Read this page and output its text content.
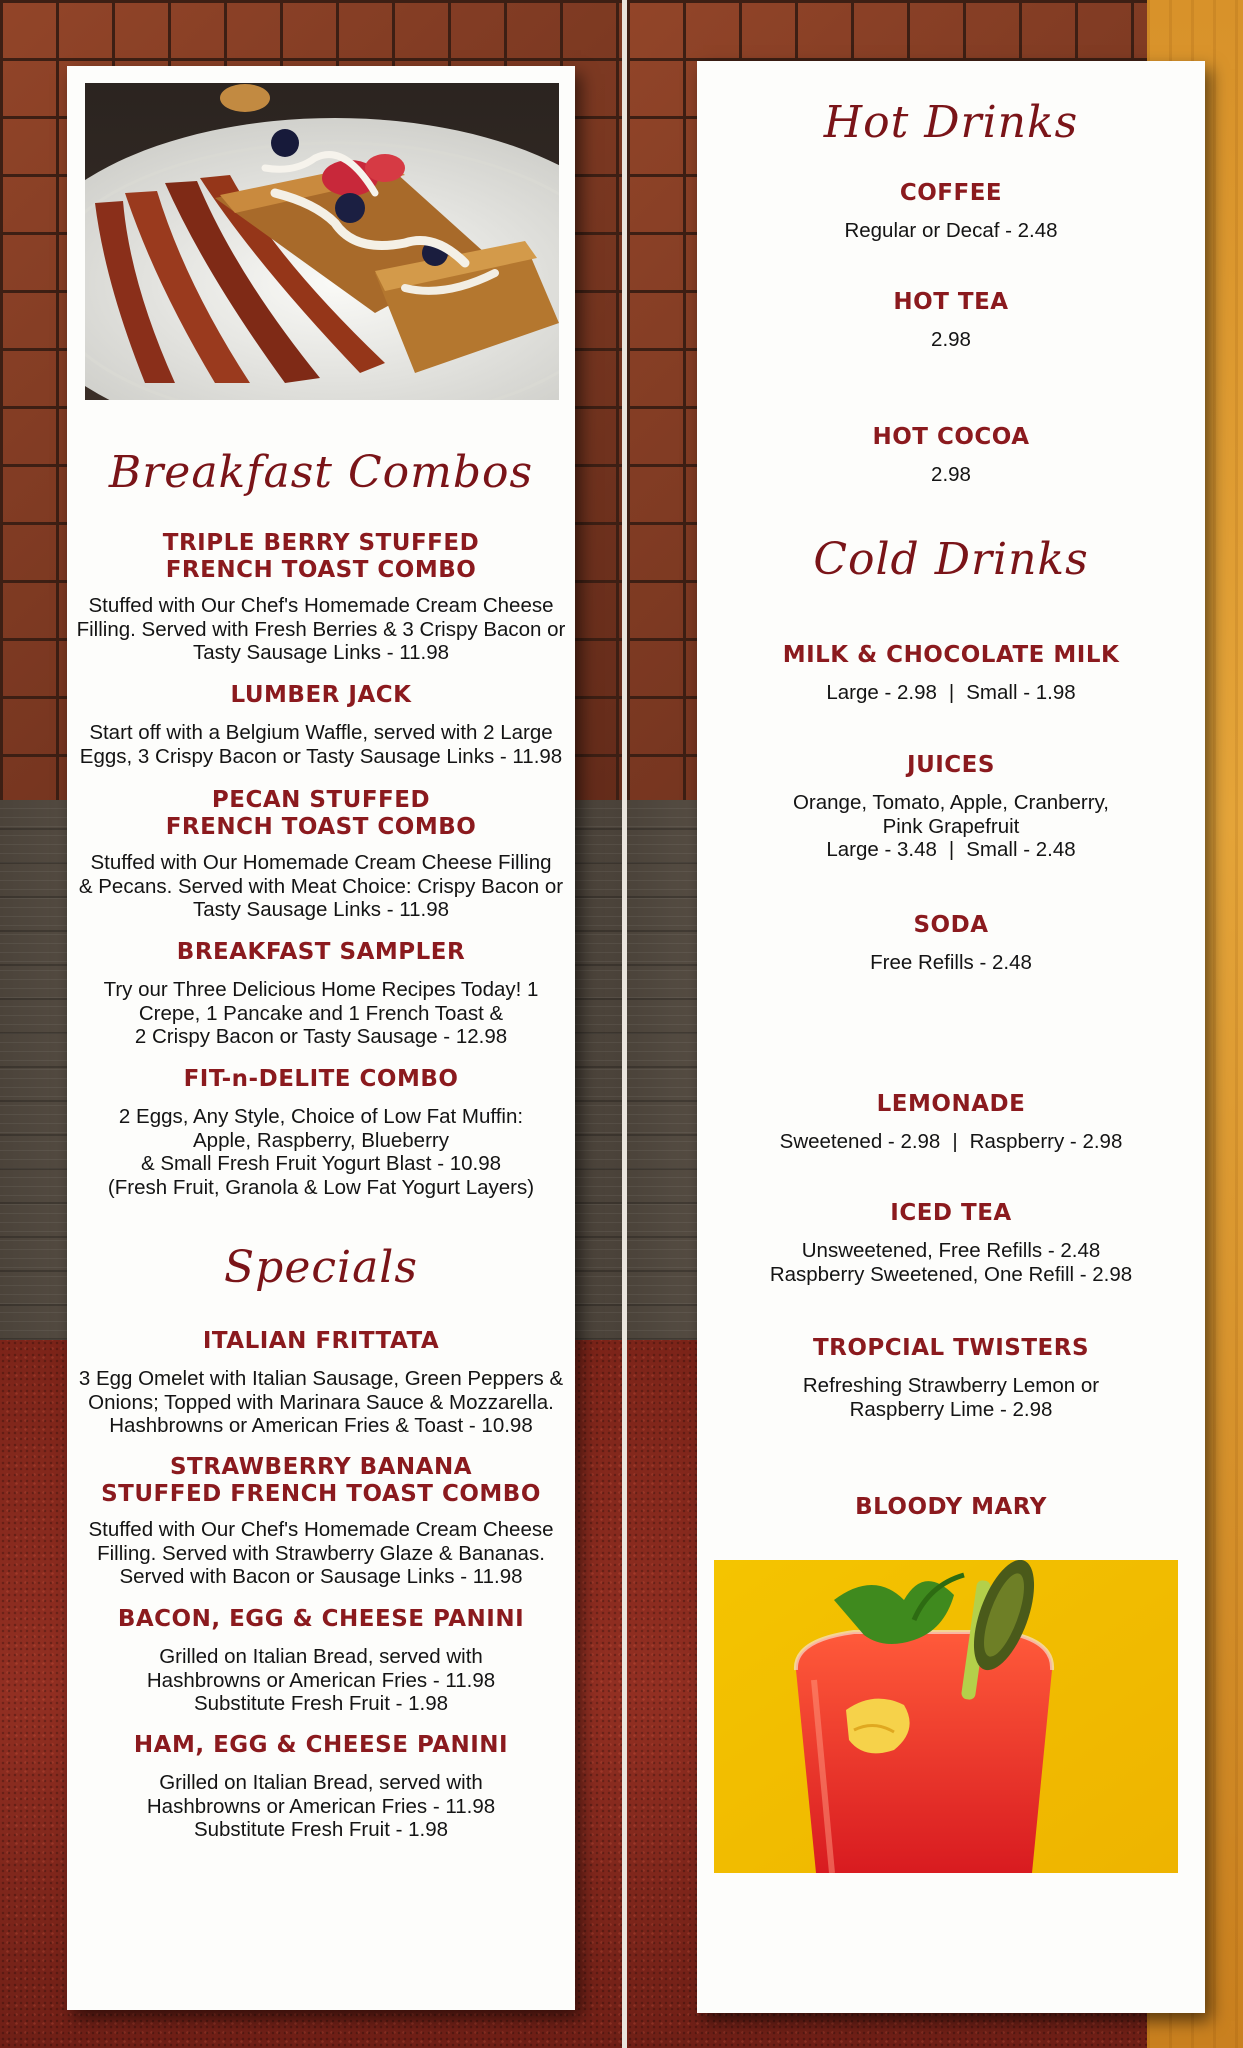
Breakfast Combos
TRIPLE BERRY STUFFED
FRENCH TOAST COMBO
Stuffed with Our Chef's Homemade Cream Cheese
Filling. Served with Fresh Berries & 3 Crispy Bacon or
Tasty Sausage Links - 11.98
LUMBER JACK
Start off with a Belgium Waffle, served with 2 Large
Eggs, 3 Crispy Bacon or Tasty Sausage Links - 11.98
PECAN STUFFED
FRENCH TOAST COMBO
Stuffed with Our Homemade Cream Cheese Filling
& Pecans. Served with Meat Choice: Crispy Bacon or
Tasty Sausage Links - 11.98
BREAKFAST SAMPLER
Try our Three Delicious Home Recipes Today! 1
Crepe, 1 Pancake and 1 French Toast &
2 Crispy Bacon or Tasty Sausage - 12.98
FIT-n-DELITE COMBO
2 Eggs, Any Style, Choice of Low Fat Muffin:
Apple, Raspberry, Blueberry
& Small Fresh Fruit Yogurt Blast - 10.98
(Fresh Fruit, Granola & Low Fat Yogurt Layers)
Specials
ITALIAN FRITTATA
3 Egg Omelet with Italian Sausage, Green Peppers &
Onions; Topped with Marinara Sauce & Mozzarella.
Hashbrowns or American Fries & Toast - 10.98
STRAWBERRY BANANA
STUFFED FRENCH TOAST COMBO
Stuffed with Our Chef's Homemade Cream Cheese
Filling. Served with Strawberry Glaze & Bananas.
Served with Bacon or Sausage Links - 11.98
BACON, EGG & CHEESE PANINI
Grilled on Italian Bread, served with
Hashbrowns or American Fries - 11.98
Substitute Fresh Fruit - 1.98
HAM, EGG & CHEESE PANINI
Grilled on Italian Bread, served with
Hashbrowns or American Fries - 11.98
Substitute Fresh Fruit - 1.98
Hot Drinks
COFFEE
Regular or Decaf - 2.48
HOT TEA
2.98
HOT COCOA
2.98
Cold Drinks
MILK & CHOCOLATE MILK
Large - 2.98 | Small - 1.98
JUICES
Orange, Tomato, Apple, Cranberry,
Pink Grapefruit
Large - 3.48 | Small - 2.48
SODA
Free Refills - 2.48
LEMONADE
Sweetened - 2.98 | Raspberry - 2.98
ICED TEA
Unsweetened, Free Refills - 2.48
Raspberry Sweetened, One Refill - 2.98
TROPCIAL TWISTERS
Refreshing Strawberry Lemon or
Raspberry Lime - 2.98
BLOODY MARY
